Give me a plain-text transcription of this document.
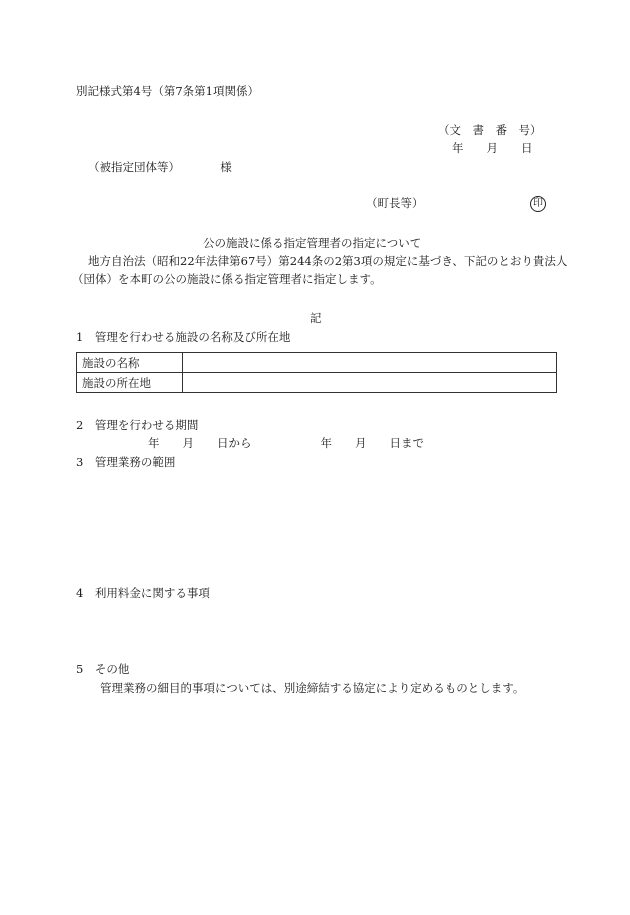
別記様式第4号（第7条第1項関係）
（文　書　番　号）
年　　月　　日
（被指定団体等）　　　　様
（町長等）	印
公の施設に係る指定管理者の指定について
地方自治法（昭和22年法律第67号）第244条の2第3項の規定に基づき、下記のとおり貴法人
（団体）を本町の公の施設に係る指定管理者に指定します。
記
1　管理を行わせる施設の名称及び所在地
施設の名称	
施設の所在地	
2　管理を行わせる期間
年　　月　　日から　　　　　　年　　月　　日まで
3　管理業務の範囲
4　利用料金に関する事項
5　その他
管理業務の細目的事項については、別途締結する協定により定めるものとします。
